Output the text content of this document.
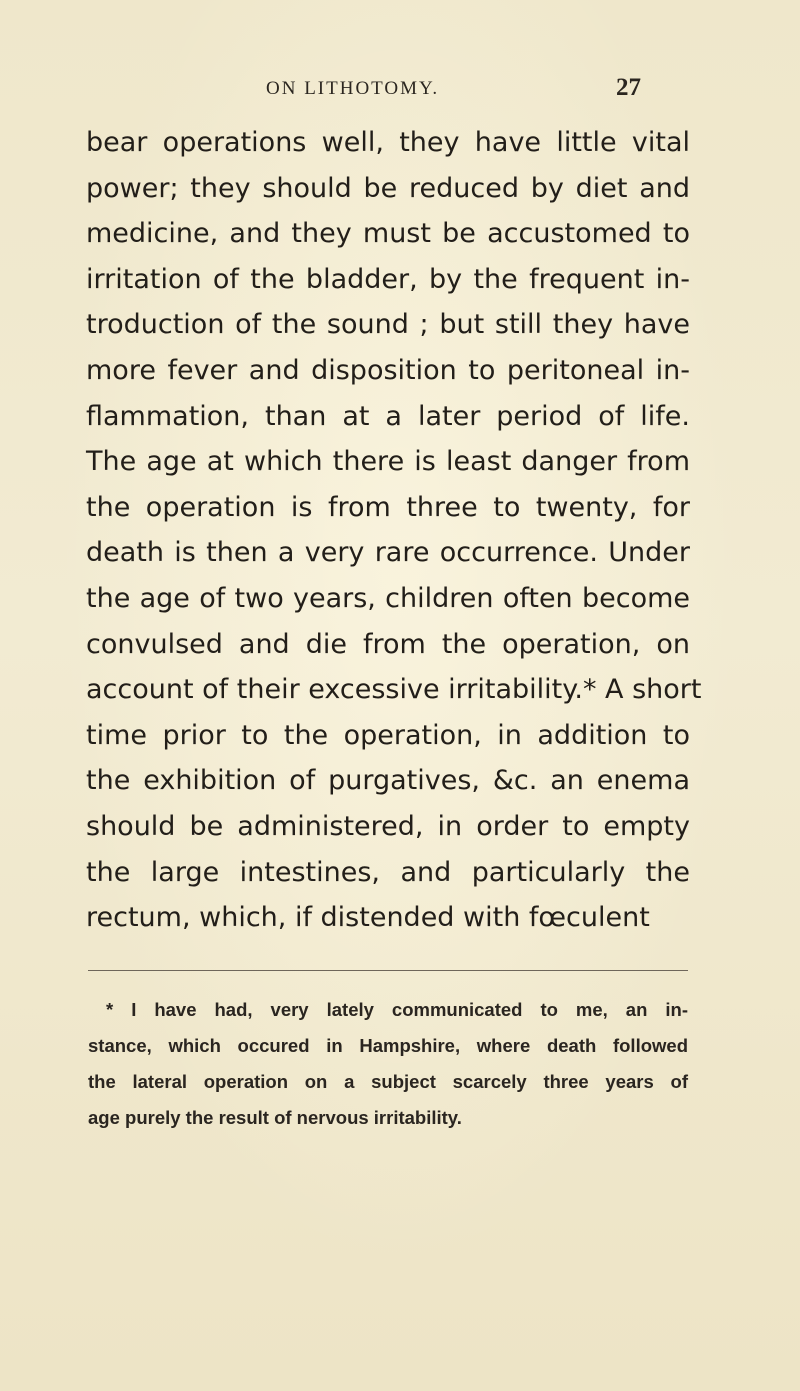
ON LITHOTOMY.	27
bear operations well, they have little vital
power; they should be reduced by diet and
medicine, and they must be accustomed to
irritation of the bladder, by the frequent in-
troduction of the sound ; but still they have
more fever and disposition to peritoneal in-
flammation, than at a later period of life.
The age at which there is least danger from
the operation is from three to twenty, for
death is then a very rare occurrence. Under
the age of two years, children often become
convulsed and die from the operation, on
account of their excessive irritability.* A short
time prior to the operation, in addition to
the exhibition of purgatives, &c. an enema
should be administered, in order to empty
the large intestines, and particularly the
rectum, which, if distended with fœculent
* I have had, very lately communicated to me, an in-
stance, which occured in Hampshire, where death followed
the lateral operation on a subject scarcely three years of
age purely the result of nervous irritability.
